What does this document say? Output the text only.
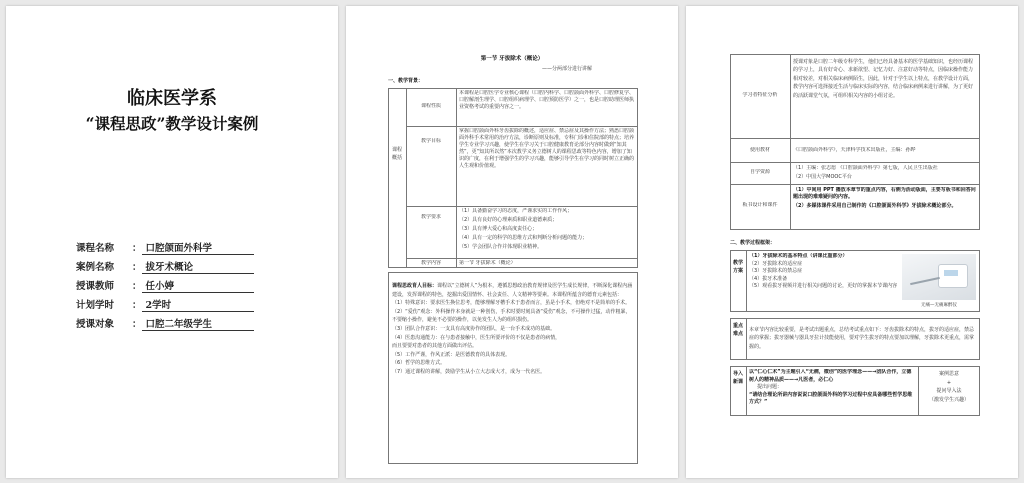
临床医学系
“课程思政”教学设计案例
课程名称 ： 口腔颌面外科学
案例名称 ： 拔牙术概论
授课教师 ： 任小婷
计划学时 ： 2学时
授课对象 ： 口腔二年级学生
第一节 牙拔除术（概论）
——分两部分进行讲解
一、教学背景：
课程概括
课程性质
本课程是口腔医学专业核心课程（口腔内科学、口腔颌面外科学、口腔修复学、口腔解剖生理学、口腔组织病理学、口腔预防医学）之一，也是口腔助理医师执业资格考试的重要内容之一。
教学目标
掌握口腔颌面外科牙齿拔除的概述，适应症、禁忌症及其操作方法；熟悉口腔颌面外科手术常用的治疗方法，诊断原则及标准，专科门诊和住院部的特点；培养学生专业学习兴趣，使学生在学习关于口腔健康教育论部分内容时做到“知其然”，更“知其所以然”本次教学义务立德树人的课程思政等特色内容，增加了知识的广度，在利于增强学生的学习兴趣，能够引导学生在学习的同时树立正确的人生观和价值观。
教学要求
（1）具备勤奋学习的态度，严谨求实的工作作风；
（2）具有良好的心理素质和职业道德素质；
（3）具有博大爱心和高度责任心；
（4）具有一定的科学的思维方式和判断分析问题的能力；
（5）学会团队合作并体现职业精神。
教学内容	第一节 牙拔除术（概论）
课程思政育人目标：课程以“立德树人”为根本，遵循思想政治教育规律及医学生成长规律，不断深化课程内涵建设，发挥课程的特色，挖掘出爱国情怀、社会责任、人文精神等要素。本课程所蕴含的德育元素包括：
（1）特殊意识：要求医生换位思考，能够理解牙槽手术于患者而言，虽是小手术，但绝对不是简单的手术。
（2）“爱伤”观念：外科操作本身就是一种创伤，手术时要时刻具备“爱伤”观念，不可操作过猛，动作粗暴，不要缩小操作，避免不必要的操作，以免发生人为的组织损伤。
（3）团队合作意识：一支具有高度协作的团队，是一台手术成功的基础。
（4）医患沟通能力：在与患者接触中，医生所要评价的不仅是患者的病情，
而且要要对患者的其他方面做出评估。
（5）工作严谨，作风正派：是医德教育的具体表现。
（6）哲学的思维方式。
（7）通过课程的讲解，鼓励学生从小立大志成大才，成为一代名医。
学习者特征分析
授课对象是口腔二年级专科学生，他们已经具备基本的医学基础知识，也经历课程的学习上，具有好奇心、求新欲望、记忆力好、注意好动等特点，因临床操作能力相对较差，对相关临床病例陌生，因此，针对于学生以上特点，在教学设计方面，教学内容可选择接近生活与临床实际的内容，结合临床病例来进行讲解，为了更好的活跃课堂气氛，可组织相关内容的小组讨论。
使用教材	《口腔颌面外科学》，天津科学技术出版社，主编：孙晔
自学资源
（1）主编：张志愿 《口腔颌面外科学》第七版，人民卫生出版社
（2）中国大学MOOC平台
板书设计和课件
（1）中间用 PPT 播放本章节的重点内容，右侧为活动版面，主要写板书和回答问题出现的难难疑问的内容。
（2）多媒体课件采用自己制作的《口腔颌面外科学》牙拔除术概论部分。
二、教学过程框架：
教学方案
（1）牙拔除术的基本特点（讲课比重部分）
（2）牙拔除术的适应症
（3）牙拔除术的禁忌症
（4）拔牙术准备
（5）观看拔牙视频并进行相关问题的讨论，更好的掌握本节课内容
无痛—无痛麻醉仪
重点难点
本章节内容比较重要，是考试出题重点，总结考试重点如下：牙齿拔除术的特点，拔牙的适应症，禁忌症的掌握；拔牙器械与器具牙拉计技能使用，要对学生拔牙的特点要加以理解，牙拔除术更重点，需掌握的。
导入新课
以“仁心仁术”为主题引入“无痛，微创”的医学理念——→团队合作，立德树人的精神品质——→凡医者，必仁心
提出问题：
“请结合理论所讲内容说说口腔颌面外科的学习过程中应具备哪些哲学思维方式？”
案例思意
+
提问导入法
（激发学生兴趣）
